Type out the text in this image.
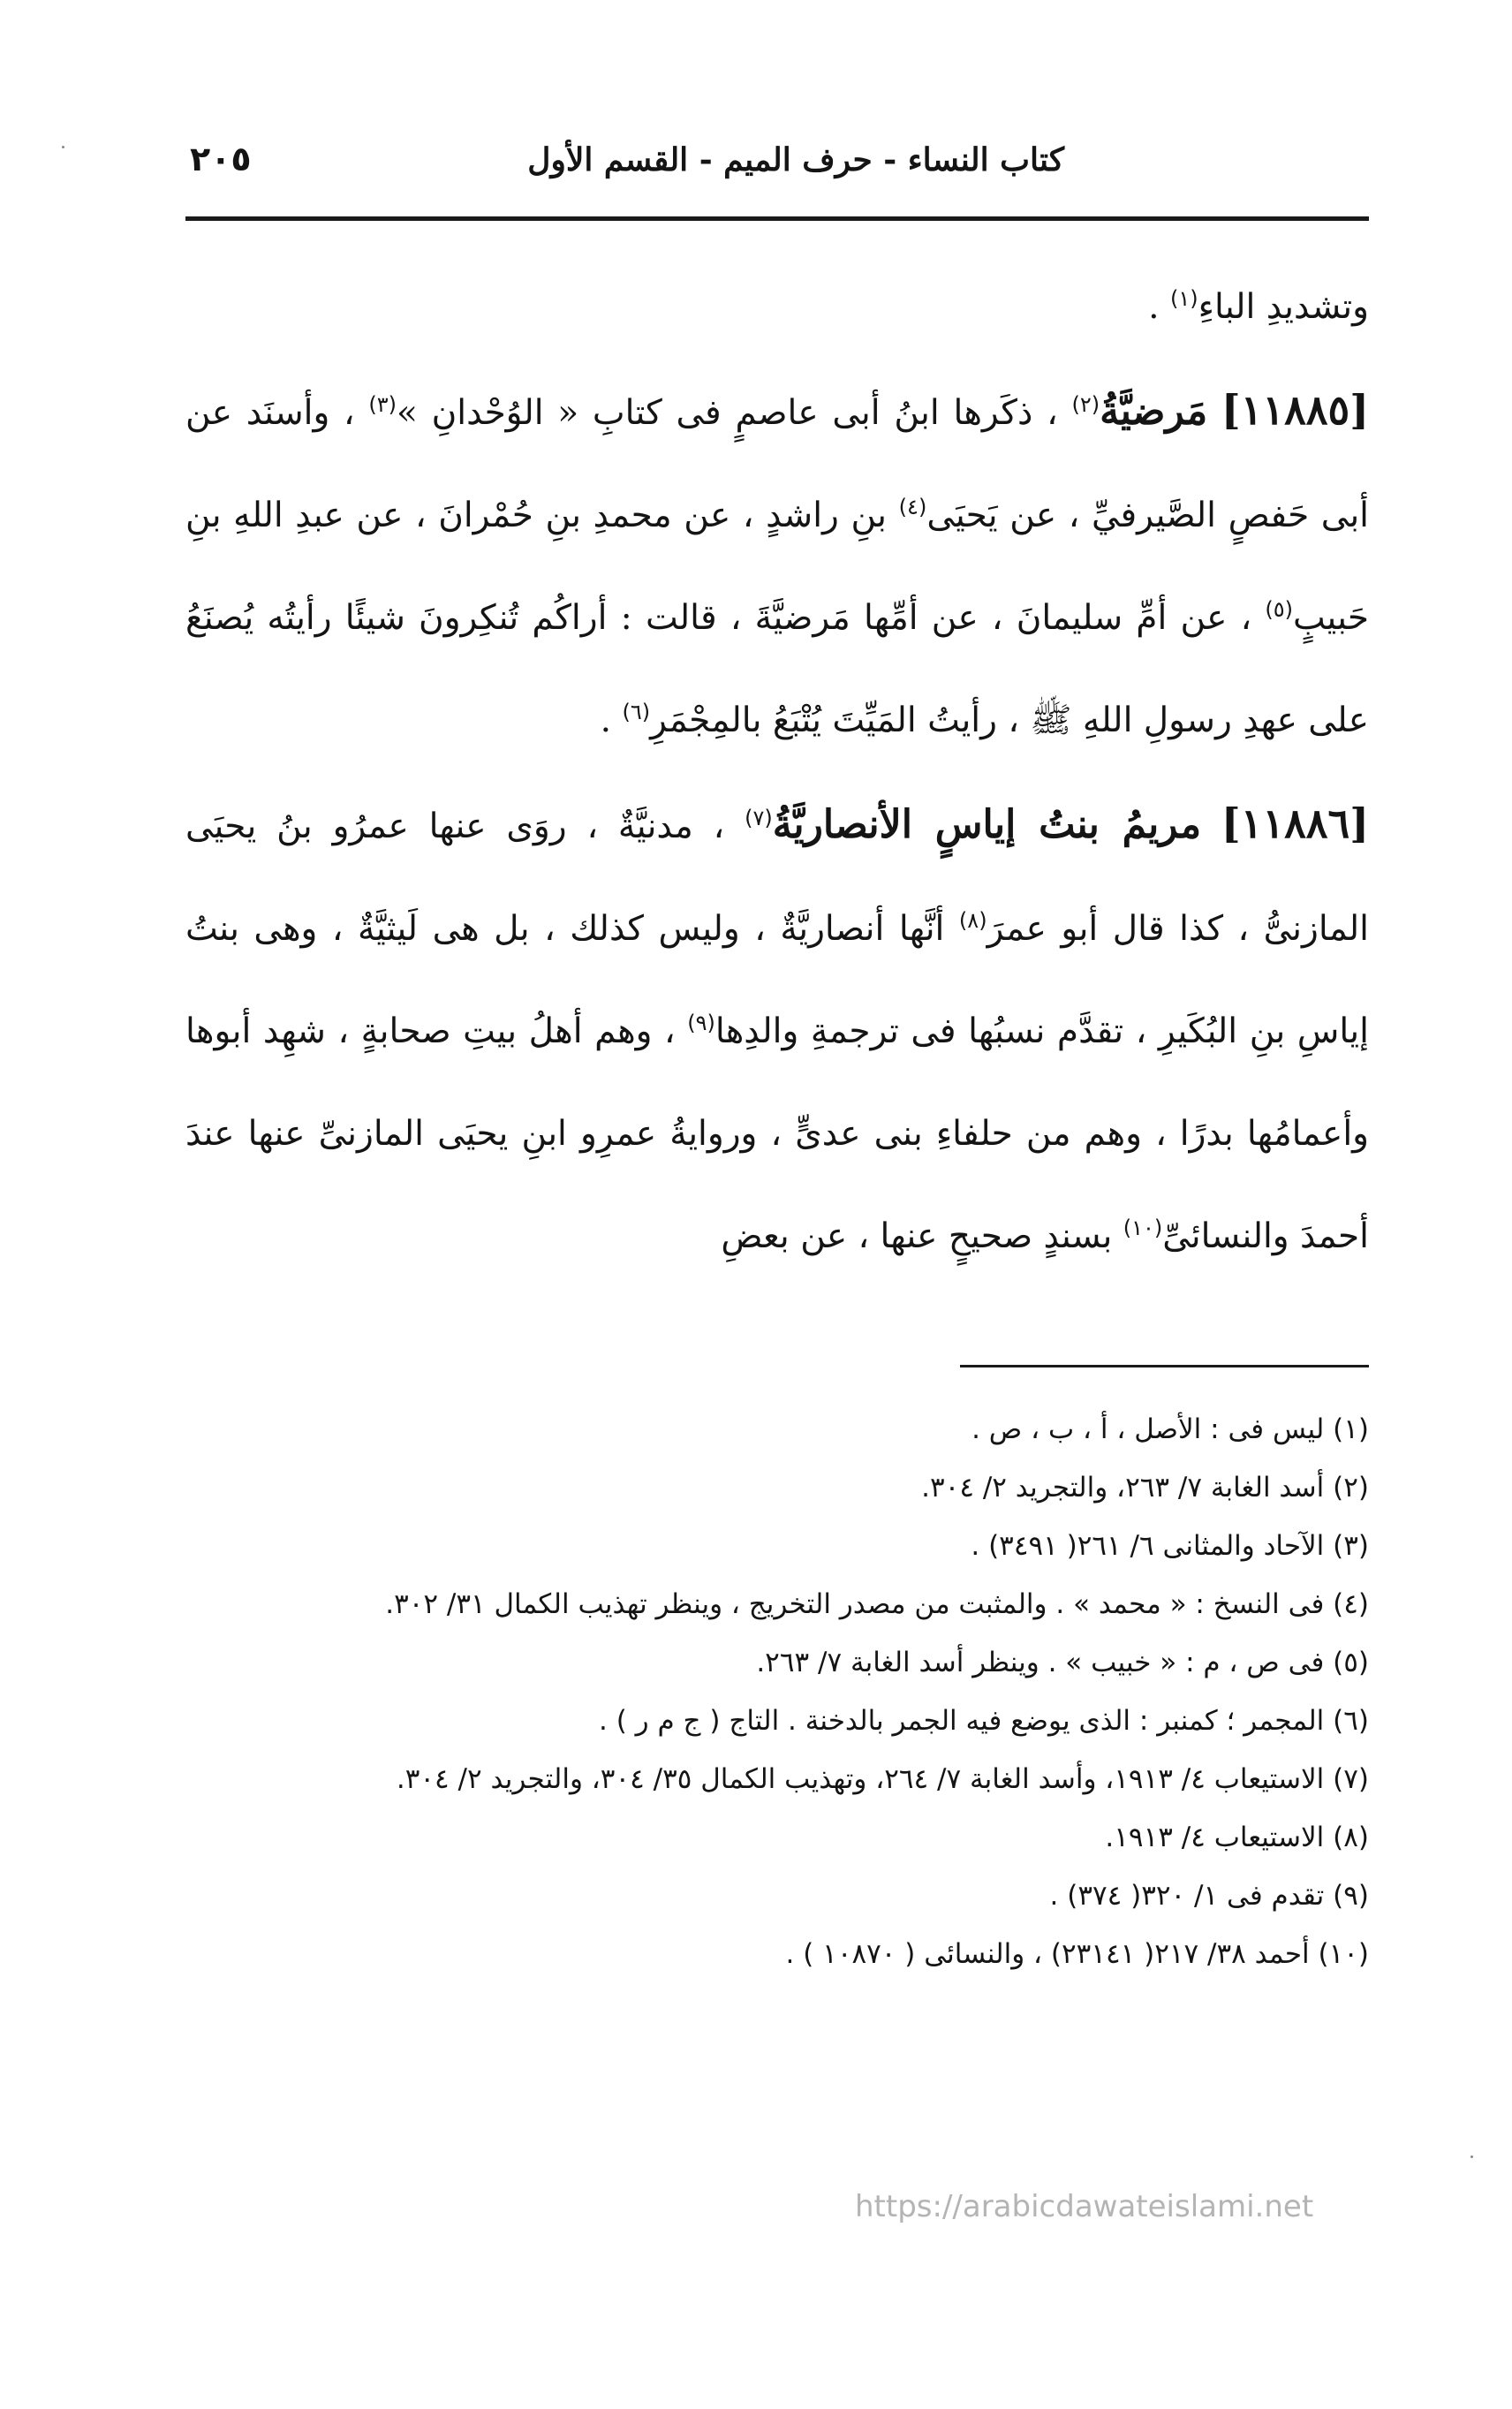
كتاب النساء - حرف الميم - القسم الأول
٢٠٥

وتشديدِ الباءِ$^{(١)}$ .

[١١٨٨٥] مَرضيَّةُ$^{(٢)}$ ، ذكَرها ابنُ أبى عاصمٍ فى كتابِ « الوُحْدانِ »$^{(٣)}$ ، وأسنَد عن أبى حَفصٍ الصَّيرفيِّ ، عن يَحيَى$^{(٤)}$ بنِ راشدٍ ، عن محمدِ بنِ حُمْرانَ ، عن عبدِ اللهِ بنِ حَبيبٍ$^{(٥)}$ ، عن أمِّ سليمانَ ، عن أمِّها مَرضيَّةَ ، قالت : أراكُم تُنكِرونَ شيئًا رأيتُه يُصنَعُ على عهدِ رسولِ اللهِ ﷺ ، رأيتُ المَيِّتَ يُتْبَعُ بالمِجْمَرِ$^{(٦)}$ .

[١١٨٨٦] مريمُ بنتُ إياسٍ الأنصاريَّةُ$^{(٧)}$ ، مدنيَّةٌ ، روَى عنها عمرُو بنُ يحيَى المازنىُّ ، كذا قال أبو عمرَ$^{(٨)}$ أنَّها أنصاريَّةٌ ، وليس كذلك ، بل هى لَيثيَّةٌ ، وهى بنتُ إياسِ بنِ البُكَيرِ ، تقدَّم نسبُها فى ترجمةِ والدِها$^{(٩)}$ ، وهم أهلُ بيتِ صحابةٍ ، شهِد أبوها وأعمامُها بدرًا ، وهم من حلفاءِ بنى عدىٍّ ، وروايةُ عمرِو ابنِ يحيَى المازنىِّ عنها عندَ أحمدَ والنسائىِّ$^{(١٠)}$ بسندٍ صحيحٍ عنها ، عن بعضِ

(١) ليس فى : الأصل ، أ ، ب ، ص .

(٢) أسد الغابة ٧/ ٢٦٣، والتجريد ٢/ ٣٠٤.

(٣) الآحاد والمثانى ٦/ ٢٦١( ٣٤٩١) .

(٤) فى النسخ : « محمد » . والمثبت من مصدر التخريج ، وينظر تهذيب الكمال ٣١/ ٣٠٢.

(٥) فى ص ، م : « خبيب » . وينظر أسد الغابة ٧/ ٢٦٣.

(٦) المجمر ؛ كمنبر : الذى يوضع فيه الجمر بالدخنة . التاج ( ج م ر ) .

(٧) الاستيعاب ٤/ ١٩١٣، وأسد الغابة ٧/ ٢٦٤، وتهذيب الكمال ٣٥/ ٣٠٤، والتجريد ٢/ ٣٠٤.

(٨) الاستيعاب ٤/ ١٩١٣.

(٩) تقدم فى ١/ ٣٢٠( ٣٧٤) .

(١٠) أحمد ٣٨/ ٢١٧( ٢٣١٤١) ، والنسائى ( ١٠٨٧٠ ) .

https://arabicdawateislami.net
